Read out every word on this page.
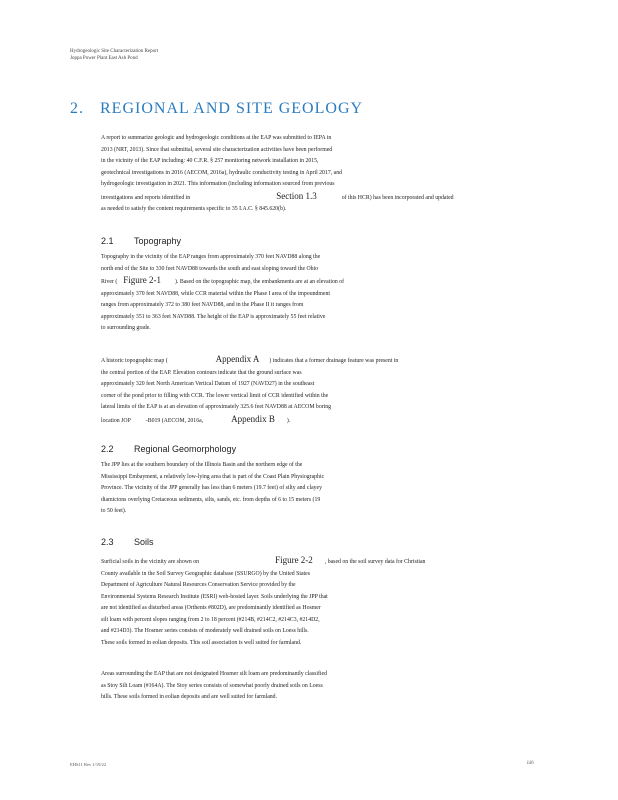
Hydrogeologic Site Characterization Report
Joppa Power Plant East Ash Pond
2. REGIONAL AND SITE GEOLOGY
A report to summarize geologic and hydrogeologic conditions at the EAP was submitted to IEPA in
2013 (NRT, 2013). Since that submittal, several site characterization activities have been performed
in the vicinity of the EAP including: 40 C.F.R. § 257 monitoring network installation in 2015,
geotechnical investigations in 2016 (AECOM, 2016a), hydraulic conductivity testing in April 2017, and
hydrogeologic investigation in 2021. This information (including information sourced from previous
investigations and reports identified in	Section 1.3	of this HCR) has been incorporated and updated
as needed to satisfy the content requirements specific to 35 I.A.C. § 845.620(b).
2.1 Topography
Topography in the vicinity of the EAP ranges from approximately 370 feet NAVD88 along the
north end of the Site to 330 feet NAVD88 towards the south and east sloping toward the Ohio
River ( Figure 2-1 ). Based on the topographic map, the embankments are at an elevation of
approximately 370 feet NAVD88, while CCR material within the Phase I area of the impoundment
ranges from approximately 372 to 380 feet NAVD88, and in the Phase II it ranges from
approximately 351 to 363 feet NAVD88. The height of the EAP is approximately 55 feet relative
to surrounding grade.
A historic topographic map (	Appendix A ) indicates that a former drainage feature was present in
the central portion of the EAP. Elevation contours indicate that the ground surface was
approximately 320 feet North American Vertical Datum of 1927 (NAVD27) in the southeast
corner of the pond prior to filling with CCR. The lower vertical limit of CCR identified within the
lateral limits of the EAP is at an elevation of approximately 325.6 feet NAVD88 at AECOM boring
location JOP	-B019 (AECOM, 2016a,	Appendix B ).
2.2 Regional Geomorphology
The JPP lies at the southern boundary of the Illinois Basin and the northern edge of the
Mississippi Embayment, a relatively low-lying area that is part of the Coast Plain Physiographic
Province. The vicinity of the JPP generally has less than 6 meters (19.7 feet) of silty and clayey
diamictons overlying Cretaceous sediments, silts, sands, etc. from depths of 6 to 15 meters (19
to 50 feet).
2.3 Soils
Surficial soils in the vicinity are shown on	Figure 2-2 , based on the soil survey data for Christian
County available in the Soil Survey Geographic database (SSURGO) by the United States
Department of Agriculture Natural Resources Conservation Service provided by the
Environmental Systems Research Institute (ESRI) web-hosted layer. Soils underlying the JPP that
are not identified as disturbed areas (Orthents #802D), are predominantly identified as Hosmer
silt loam with percent slopes ranging from 2 to 18 percent (#214B, #214C2, #214C3, #214D2,
and #214D3). The Hosmer series consists of moderately well drained soils on Loess hills.
These soils formed in eolian deposits. This soil association is well suited for farmland.
Areas surrounding the EAP that are not designated Hosmer silt loam are predominantly classified
as Stoy Silt Loam (#164A). The Stoy series consists of somewhat poorly drained soils on Loess
hills. These soils formed in eolian deposits and are well suited for farmland.
EHS11 Rev 1/19/22	iii6
